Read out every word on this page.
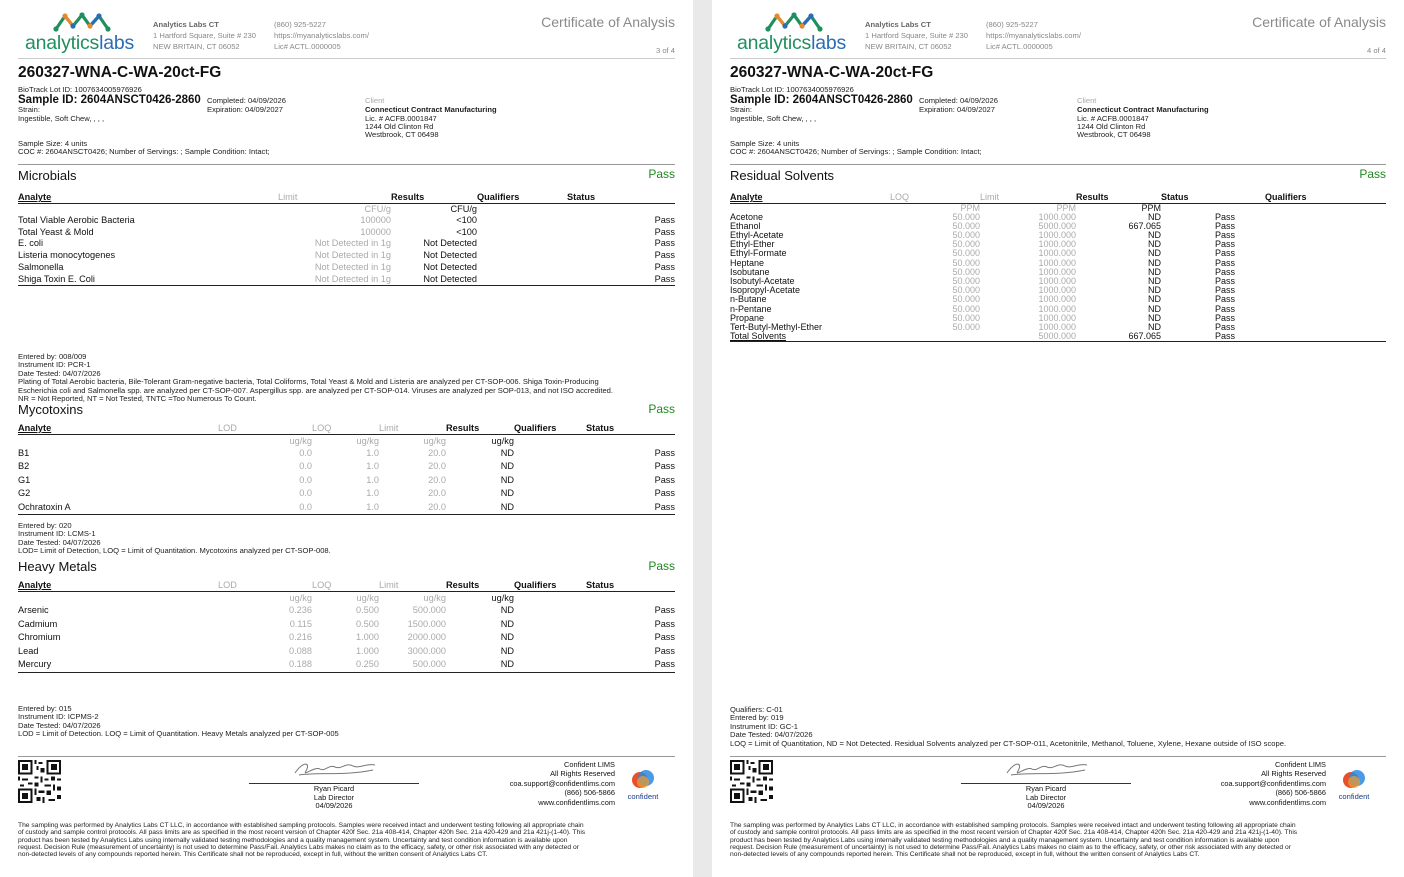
analyticslabs
Analytics Labs CT
1 Hartford Square, Suite # 230
NEW BRITAIN, CT 06052
(860) 925-5227
https://myanalyticslabs.com/
Lic# ACTL.0000005
Certificate of Analysis
260327-WNA-C-WA-20ct-FG
BioTrack Lot ID: 1007634005976926
Sample ID: 2604ANSCT0426-2860 Completed: 04/09/2026
Expiration: 04/09/2027
Strain:
Ingestible, Soft Chew, , , ,
Client
Connecticut Contract Manufacturing
Lic. # ACFB.0001847
1244 Old Clinton Rd
Westbrook, CT 06498
Sample Size: 4 units
COC #: 2604ANSCT0426; Number of Servings: ; Sample Condition: Intact;
3 of 4
Microbials	Pass
Analyte	Limit	Results	Qualifiers	Status
	CFU/g	CFU/g		
Total Viable Aerobic Bacteria	100000	<100		Pass
Total Yeast & Mold	100000	<100		Pass
E. coli	Not Detected in 1g	Not Detected		Pass
Listeria monocytogenes	Not Detected in 1g	Not Detected		Pass
Salmonella	Not Detected in 1g	Not Detected		Pass
Shiga Toxin E. Coli	Not Detected in 1g	Not Detected		Pass
Entered by: 008/009
Instrument ID: PCR-1
Date Tested: 04/07/2026
Plating of Total Aerobic bacteria, Bile-Tolerant Gram-negative bacteria, Total Coliforms, Total Yeast & Mold and Listeria are analyzed per CT-SOP-006. Shiga Toxin-Producing
Escherichia coli and Salmonella spp. are analyzed per CT-SOP-007. Aspergillus spp. are analyzed per CT-SOP-014. Viruses are analyzed per SOP-013, and not ISO accredited.
NR = Not Reported, NT = Not Tested, TNTC =Too Numerous To Count.
Mycotoxins	Pass
Analyte	LOD	LOQ	Limit	Results	Qualifiers	Status
	ug/kg	ug/kg	ug/kg	ug/kg		
B1	0.0	1.0	20.0	ND		Pass
B2	0.0	1.0	20.0	ND		Pass
G1	0.0	1.0	20.0	ND		Pass
G2	0.0	1.0	20.0	ND		Pass
Ochratoxin A	0.0	1.0	20.0	ND		Pass
Entered by: 020
Instrument ID: LCMS-1
Date Tested: 04/07/2026
LOD= Limit of Detection, LOQ = Limit of Quantitation. Mycotoxins analyzed per CT-SOP-008.
Heavy Metals	Pass
Analyte	LOD	LOQ	Limit	Results	Qualifiers	Status
	ug/kg	ug/kg	ug/kg	ug/kg		
Arsenic	0.236	0.500	500.000	ND		Pass
Cadmium	0.115	0.500	1500.000	ND		Pass
Chromium	0.216	1.000	2000.000	ND		Pass
Lead	0.088	1.000	3000.000	ND		Pass
Mercury	0.188	0.250	500.000	ND		Pass
Entered by: 015
Instrument ID: ICPMS-2
Date Tested: 04/07/2026
LOD = Limit of Detection. LOQ = Limit of Quantitation. Heavy Metals analyzed per CT-SOP-005
Ryan Picard
Lab Director
04/09/2026
Confident LIMS
All Rights Reserved
coa.support@confidentlims.com
(866) 506-5866
www.confidentlims.com
confident
The sampling was performed by Analytics Labs CT LLC, in accordance with established sampling protocols. Samples were received intact and underwent testing following all appropriate chain
of custody and sample control protocols. All pass limits are as specified in the most recent version of Chapter 420f Sec. 21a 408-414, Chapter 420h Sec. 21a 420-429 and 21a 421j-(1-40). This
product has been tested by Analytics Labs using internally validated testing methodologies and a quality management system. Uncertainty and test condition information is available upon
request. Decision Rule (measurement of uncertainty) is not used to determine Pass/Fail. Analytics Labs makes no claim as to the efficacy, safety, or other risk associated with any detected or
non-detected levels of any compounds reported herein. This Certificate shall not be reproduced, except in full, without the written consent of Analytics Labs CT.
analyticslabs
Analytics Labs CT
1 Hartford Square, Suite # 230
NEW BRITAIN, CT 06052
(860) 925-5227
https://myanalyticslabs.com/
Lic# ACTL.0000005
Certificate of Analysis
260327-WNA-C-WA-20ct-FG
BioTrack Lot ID: 1007634005976926
Sample ID: 2604ANSCT0426-2860 Completed: 04/09/2026
Expiration: 04/09/2027
Strain:
Ingestible, Soft Chew, , , ,
Client
Connecticut Contract Manufacturing
Lic. # ACFB.0001847
1244 Old Clinton Rd
Westbrook, CT 06498
Sample Size: 4 units
COC #: 2604ANSCT0426; Number of Servings: ; Sample Condition: Intact;
4 of 4
Residual Solvents	Pass
Analyte	LOQ	Limit	Results	Status	Qualifiers
	PPM	PPM	PPM		
Acetone	50.000	1000.000	ND	Pass	
Ethanol	50.000	5000.000	667.065	Pass	
Ethyl-Acetate	50.000	1000.000	ND	Pass	
Ethyl-Ether	50.000	1000.000	ND	Pass	
Ethyl-Formate	50.000	1000.000	ND	Pass	
Heptane	50.000	1000.000	ND	Pass	
Isobutane	50.000	1000.000	ND	Pass	
Isobutyl-Acetate	50.000	1000.000	ND	Pass	
Isopropyl-Acetate	50.000	1000.000	ND	Pass	
n-Butane	50.000	1000.000	ND	Pass	
n-Pentane	50.000	1000.000	ND	Pass	
Propane	50.000	1000.000	ND	Pass	
Tert-Butyl-Methyl-Ether	50.000	1000.000	ND	Pass	
Total Solvents		5000.000	667.065	Pass	
Qualifiers: C-01
Entered by: 019
Instrument ID: GC-1
Date Tested: 04/07/2026
LOQ = Limit of Quantitation, ND = Not Detected. Residual Solvents analyzed per CT-SOP-011, Acetonitrile, Methanol, Toluene, Xylene, Hexane outside of ISO scope.
Ryan Picard
Lab Director
04/09/2026
Confident LIMS
All Rights Reserved
coa.support@confidentlims.com
(866) 506-5866
www.confidentlims.com
confident
The sampling was performed by Analytics Labs CT LLC, in accordance with established sampling protocols. Samples were received intact and underwent testing following all appropriate chain
of custody and sample control protocols. All pass limits are as specified in the most recent version of Chapter 420f Sec. 21a 408-414, Chapter 420h Sec. 21a 420-429 and 21a 421j-(1-40). This
product has been tested by Analytics Labs using internally validated testing methodologies and a quality management system. Uncertainty and test condition information is available upon
request. Decision Rule (measurement of uncertainty) is not used to determine Pass/Fail. Analytics Labs makes no claim as to the efficacy, safety, or other risk associated with any detected or
non-detected levels of any compounds reported herein. This Certificate shall not be reproduced, except in full, without the written consent of Analytics Labs CT.
